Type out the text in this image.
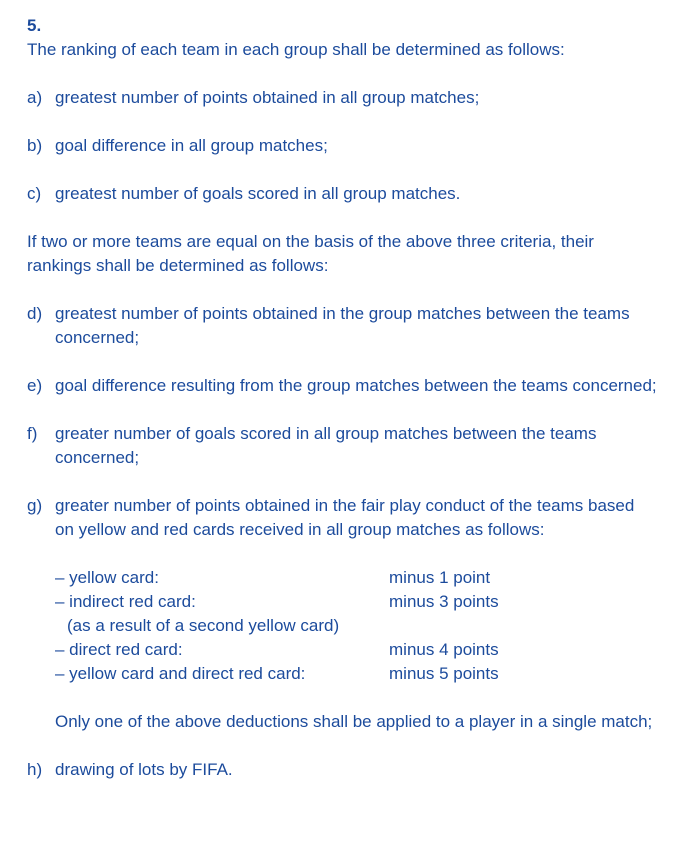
5.

The ranking of each team in each group shall be determined as follows:

a) greatest number of points obtained in all group matches;
b) goal difference in all group matches;
c) greatest number of goals scored in all group matches.

If two or more teams are equal on the basis of the above three criteria, their rankings shall be determined as follows:

d) greatest number of points obtained in the group matches between the teams concerned;
e) goal difference resulting from the group matches between the teams concerned;
f) greater number of goals scored in all group matches between the teams concerned;
g) greater number of points obtained in the fair play conduct of the teams based on yellow and red cards received in all group matches as follows:
– yellow card:	minus 1 point
– indirect red card:	minus 3 points
(as a result of a second yellow card)
– direct red card:	minus 4 points
– yellow card and direct red card:	minus 5 points

Only one of the above deductions shall be applied to a player in a single match;

h) drawing of lots by FIFA.
